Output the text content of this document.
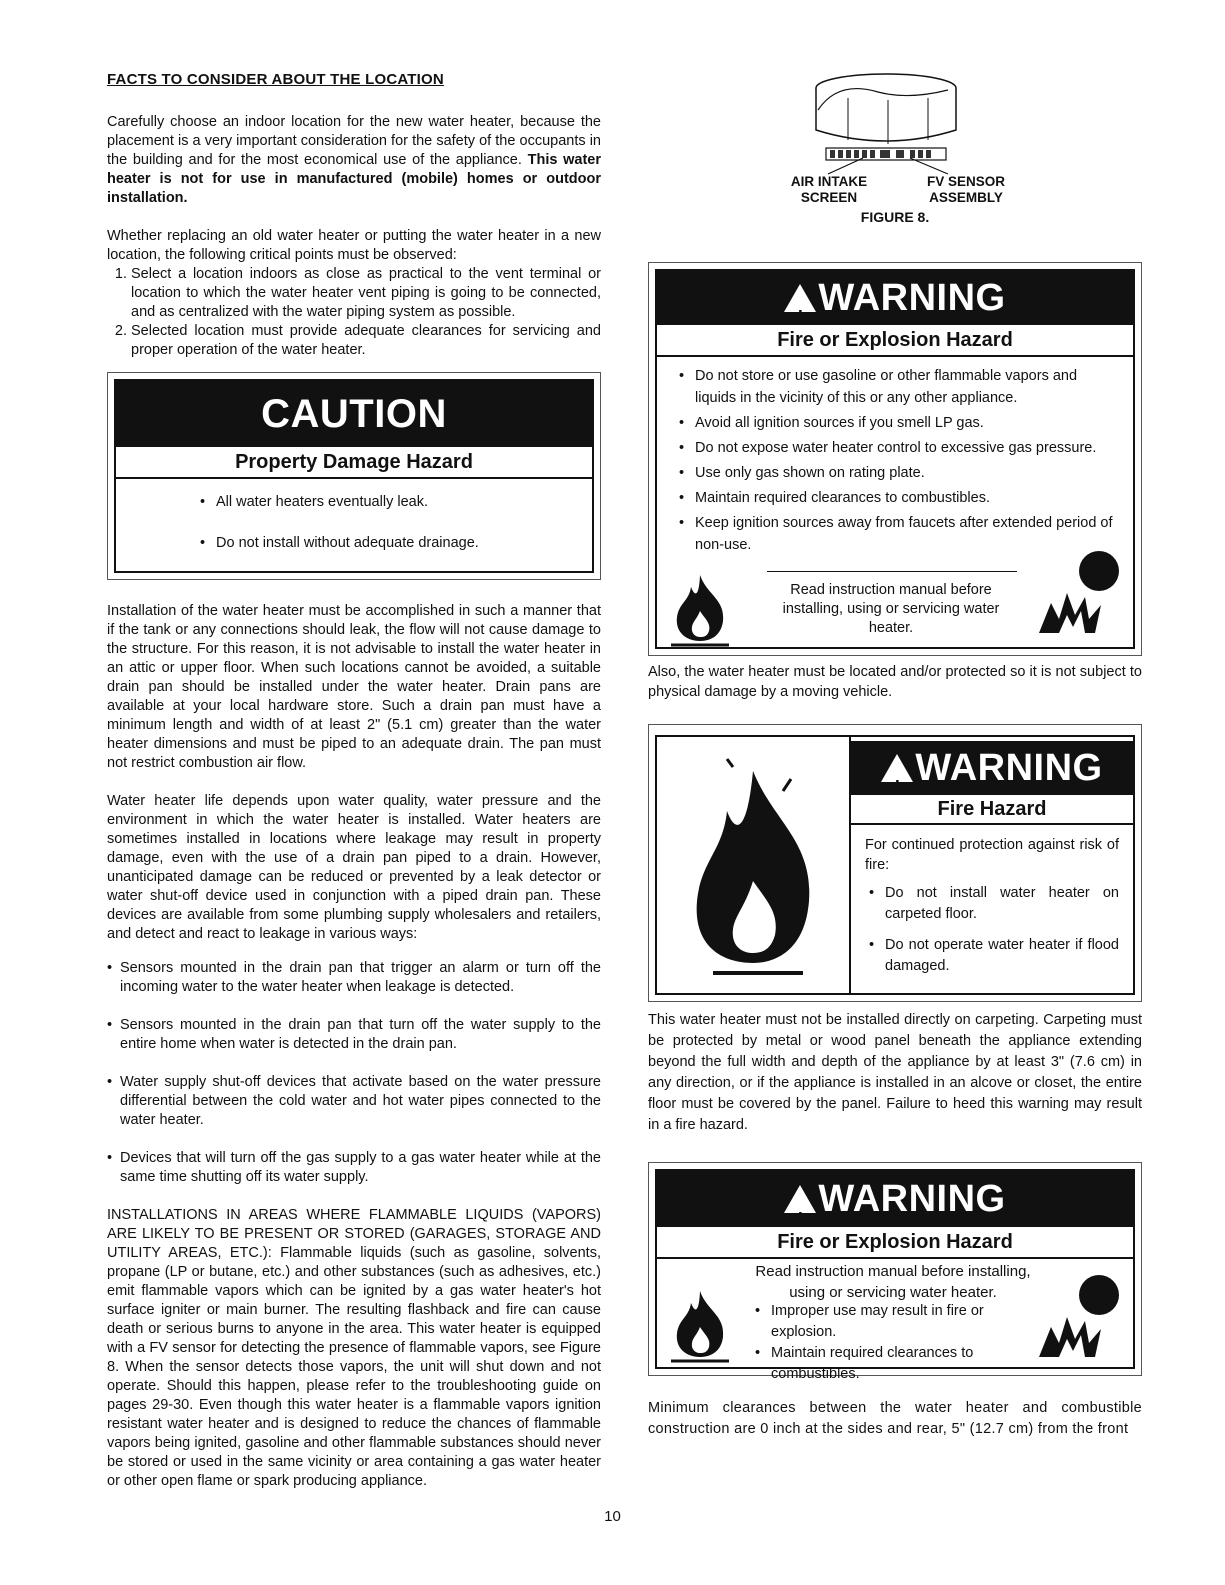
FACTS TO CONSIDER ABOUT THE LOCATION

Carefully choose an indoor location for the new water heater, because the placement is a very important consideration for the safety of the occupants in the building and for the most economical use of the appliance. This water heater is not for use in manufactured (mobile) homes or outdoor installation.

Whether replacing an old water heater or putting the water heater in a new location, the following critical points must be observed:

1. Select a location indoors as close as practical to the vent terminal or location to which the water heater vent piping is going to be connected, and as centralized with the water piping system as possible.
2. Selected location must provide adequate clearances for servicing and proper operation of the water heater.
CAUTION
Property Damage Hazard
• All water heaters eventually leak.
• Do not install without adequate drainage.

Installation of the water heater must be accomplished in such a manner that if the tank or any connections should leak, the flow will not cause damage to the structure. For this reason, it is not advisable to install the water heater in an attic or upper floor. When such locations cannot be avoided, a suitable drain pan should be installed under the water heater. Drain pans are available at your local hardware store. Such a drain pan must have a minimum length and width of at least 2" (5.1 cm) greater than the water heater dimensions and must be piped to an adequate drain. The pan must not restrict combustion air flow.

Water heater life depends upon water quality, water pressure and the environment in which the water heater is installed. Water heaters are sometimes installed in locations where leakage may result in property damage, even with the use of a drain pan piped to a drain. However, unanticipated damage can be reduced or prevented by a leak detector or water shut-off device used in conjunction with a piped drain pan. These devices are available from some plumbing supply wholesalers and retailers, and detect and react to leakage in various ways:

• Sensors mounted in the drain pan that trigger an alarm or turn off the incoming water to the water heater when leakage is detected.
• Sensors mounted in the drain pan that turn off the water supply to the entire home when water is detected in the drain pan.
• Water supply shut-off devices that activate based on the water pressure differential between the cold water and hot water pipes connected to the water heater.
• Devices that will turn off the gas supply to a gas water heater while at the same time shutting off its water supply.

INSTALLATIONS IN AREAS WHERE FLAMMABLE LIQUIDS (VAPORS) ARE LIKELY TO BE PRESENT OR STORED (GARAGES, STORAGE AND UTILITY AREAS, ETC.): Flammable liquids (such as gasoline, solvents, propane (LP or butane, etc.) and other substances (such as adhesives, etc.) emit flammable vapors which can be ignited by a gas water heater's hot surface igniter or main burner. The resulting flashback and fire can cause death or serious burns to anyone in the area. This water heater is equipped with a FV sensor for detecting the presence of flammable vapors, see Figure 8. When the sensor detects those vapors, the unit will shut down and not operate. Should this happen, please refer to the troubleshooting guide on pages 29-30. Even though this water heater is a flammable vapors ignition resistant water heater and is designed to reduce the chances of flammable vapors being ignited, gasoline and other flammable substances should never be stored or used in the same vicinity or area containing a gas water heater or other open flame or spark producing appliance.

AIR INTAKE
SCREEN
FV SENSOR
ASSEMBLY
FIGURE 8.
!WARNING
Fire or Explosion Hazard
• Do not store or use gasoline or other flammable vapors and liquids in the vicinity of this or any other appliance.
• Avoid all ignition sources if you smell LP gas.
• Do not expose water heater control to excessive gas pressure.
• Use only gas shown on rating plate.
• Maintain required clearances to combustibles.
• Keep ignition sources away from faucets after extended period of non-use.
Read instruction manual before installing, using or servicing water heater.

Also, the water heater must be located and/or protected so it is not subject to physical damage by a moving vehicle.

!WARNING
Fire Hazard
For continued protection against risk of fire:
• Do not install water heater on carpeted floor.
• Do not operate water heater if flood damaged.

This water heater must not be installed directly on carpeting. Carpeting must be protected by metal or wood panel beneath the appliance extending beyond the full width and depth of the appliance by at least 3" (7.6 cm) in any direction, or if the appliance is installed in an alcove or closet, the entire floor must be covered by the panel. Failure to heed this warning may result in a fire hazard.

!WARNING
Fire or Explosion Hazard
Read instruction manual before installing, using or servicing water heater.
• Improper use may result in fire or explosion.
• Maintain required clearances to combustibles.

Minimum clearances between the water heater and combustible construction are 0 inch at the sides and rear, 5" (12.7 cm) from the front

10
